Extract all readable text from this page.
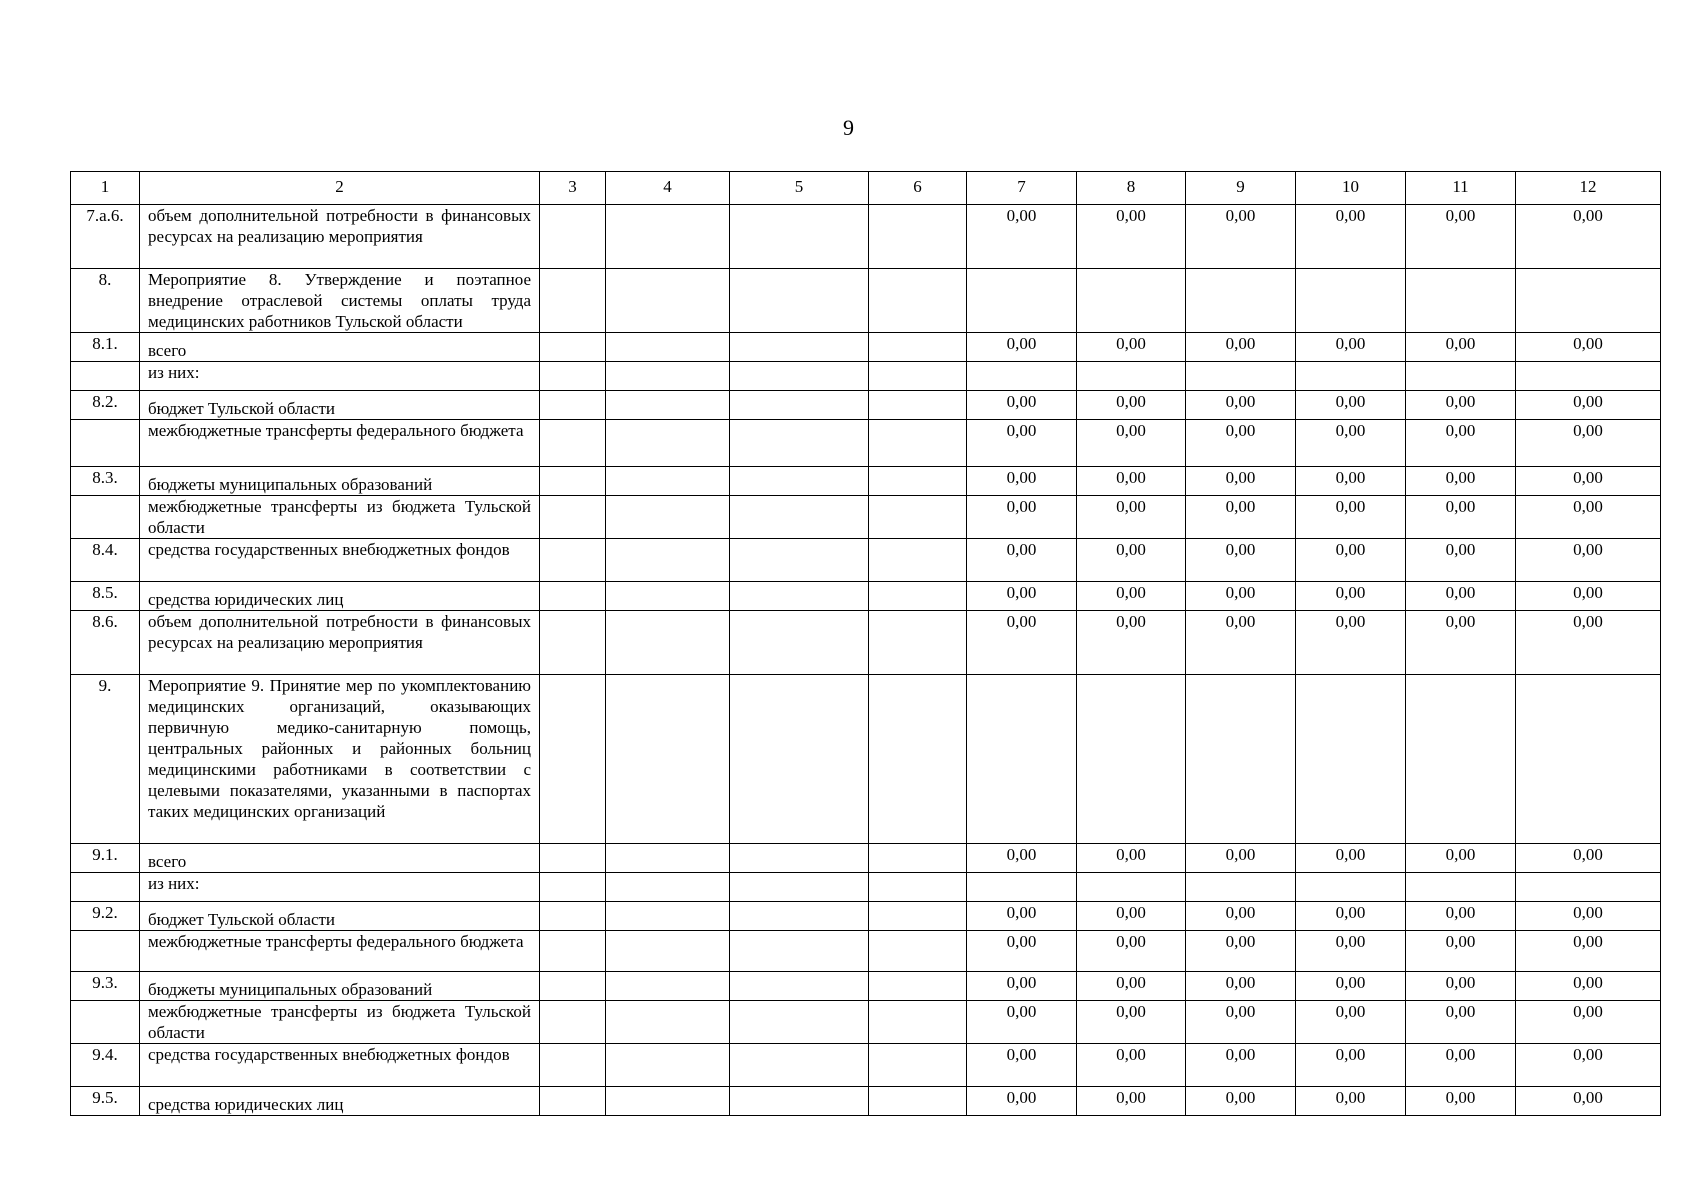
9
1	2	3	4	5	6	7	8	9	10	11	12
7.а.6.	объем дополнительной потребности в финансовых ресурсах на реализацию мероприятия					0,00	0,00	0,00	0,00	0,00	0,00
8.	Мероприятие 8. Утверждение и поэтапное внедрение отраслевой системы оплаты труда медицинских работников Тульской области										
8.1.	всего					0,00	0,00	0,00	0,00	0,00	0,00
	из них:										
8.2.	бюджет Тульской области					0,00	0,00	0,00	0,00	0,00	0,00
	межбюджетные трансферты федерального бюджета					0,00	0,00	0,00	0,00	0,00	0,00
8.3.	бюджеты муниципальных образований					0,00	0,00	0,00	0,00	0,00	0,00
	межбюджетные трансферты из бюджета Тульской области					0,00	0,00	0,00	0,00	0,00	0,00
8.4.	средства государственных внебюджетных фондов					0,00	0,00	0,00	0,00	0,00	0,00
8.5.	средства юридических лиц					0,00	0,00	0,00	0,00	0,00	0,00
8.6.	объем дополнительной потребности в финансовых ресурсах на реализацию мероприятия					0,00	0,00	0,00	0,00	0,00	0,00
9.	Мероприятие 9. Принятие мер по укомплектованию медицинских организаций, оказывающих первичную медико-санитарную помощь, центральных районных и районных больниц медицинскими работниками в соответствии с целевыми показателями, указанными в паспортах таких медицинских организаций										
9.1.	всего					0,00	0,00	0,00	0,00	0,00	0,00
	из них:										
9.2.	бюджет Тульской области					0,00	0,00	0,00	0,00	0,00	0,00
	межбюджетные трансферты федерального бюджета					0,00	0,00	0,00	0,00	0,00	0,00
9.3.	бюджеты муниципальных образований					0,00	0,00	0,00	0,00	0,00	0,00
	межбюджетные трансферты из бюджета Тульской области					0,00	0,00	0,00	0,00	0,00	0,00
9.4.	средства государственных внебюджетных фондов					0,00	0,00	0,00	0,00	0,00	0,00
9.5.	средства юридических лиц					0,00	0,00	0,00	0,00	0,00	0,00
